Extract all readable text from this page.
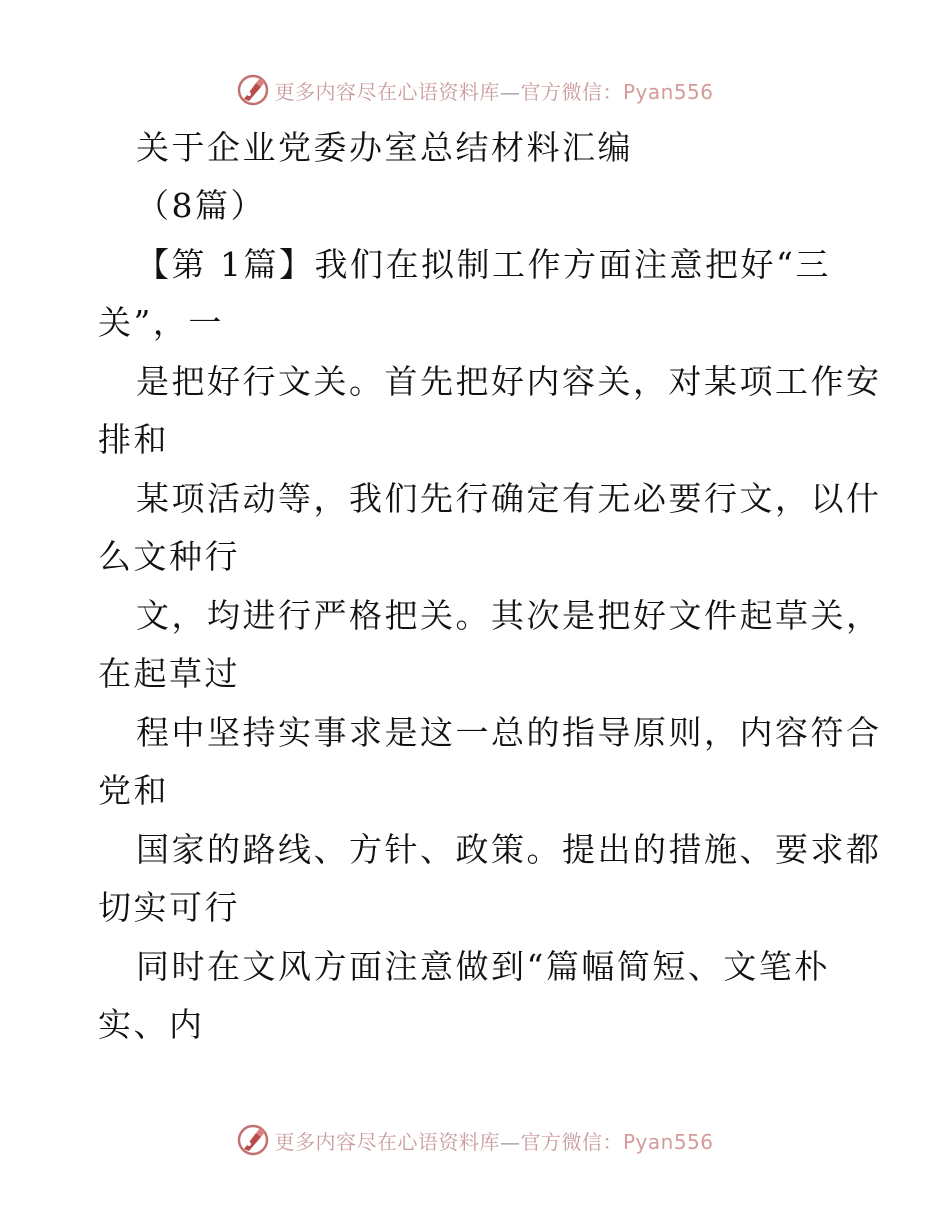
更多内容尽在心语资料库—官方微信：Pyan556
关于企业党委办室总结材料汇编
（8篇）
【第 1篇】我们在拟制工作方面注意把好“三
关”，一
是把好行文关。首先把好内容关，对某项工作安
排和
某项活动等，我们先行确定有无必要行文，以什
么文种行
文，均进行严格把关。其次是把好文件起草关，
在起草过
程中坚持实事求是这一总的指导原则，内容符合
党和
国家的路线、方针、政策。提出的措施、要求都
切实可行
同时在文风方面注意做到“篇幅简短、文笔朴
实、内
更多内容尽在心语资料库—官方微信：Pyan556
